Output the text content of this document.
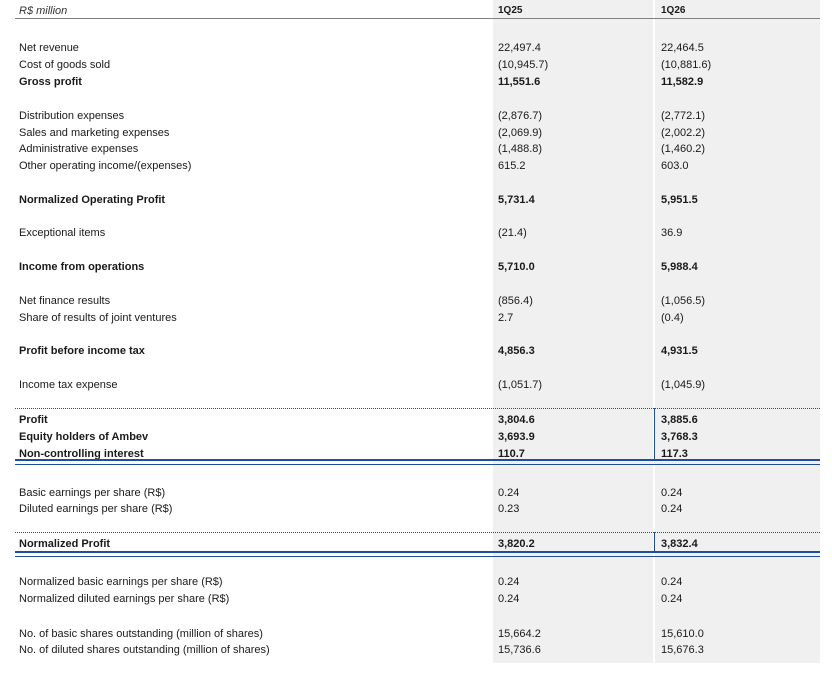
R$ million	1Q25	1Q26
Net revenue	22,497.4	22,464.5
Cost of goods sold	(10,945.7)	(10,881.6)
Gross profit	11,551.6	11,582.9
Distribution expenses	(2,876.7)	(2,772.1)
Sales and marketing expenses	(2,069.9)	(2,002.2)
Administrative expenses	(1,488.8)	(1,460.2)
Other operating income/(expenses)	615.2	603.0
Normalized Operating Profit	5,731.4	5,951.5
Exceptional items	(21.4)	36.9
Income from operations	5,710.0	5,988.4
Net finance results	(856.4)	(1,056.5)
Share of results of joint ventures	2.7	(0.4)
Profit before income tax	4,856.3	4,931.5
Income tax expense	(1,051.7)	(1,045.9)
Profit	3,804.6	3,885.6
Equity holders of Ambev	3,693.9	3,768.3
Non-controlling interest	110.7	117.3
Basic earnings per share (R$)	0.24	0.24
Diluted earnings per share (R$)	0.23	0.24
Normalized Profit	3,820.2	3,832.4
Normalized basic earnings per share (R$)	0.24	0.24
Normalized diluted earnings per share (R$)	0.24	0.24
No. of basic shares outstanding (million of shares)	15,664.2	15,610.0
No. of diluted shares outstanding (million of shares)	15,736.6	15,676.3
